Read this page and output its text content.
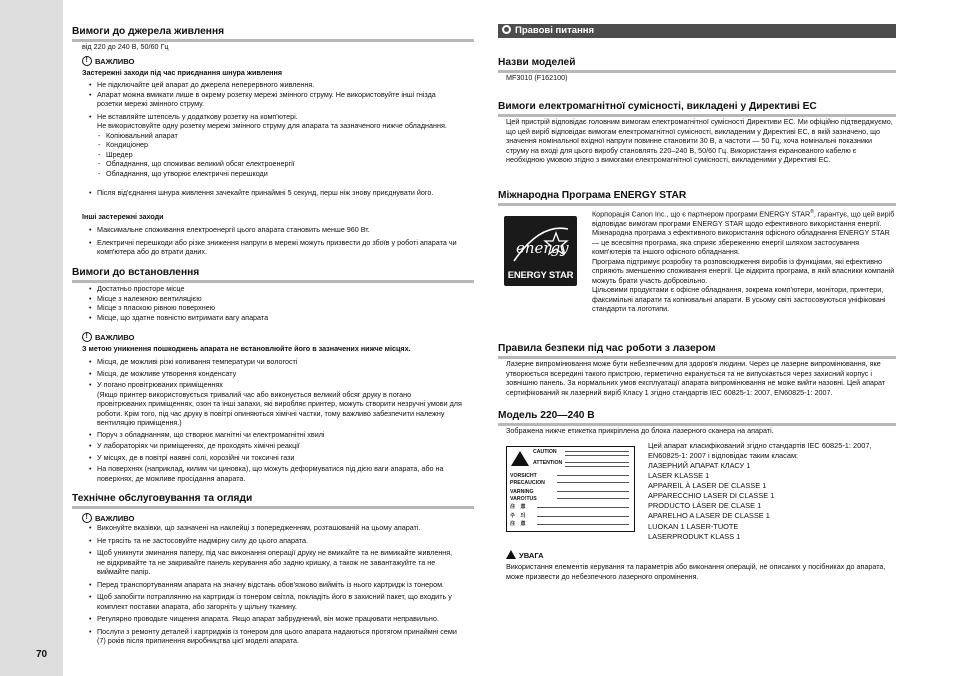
70
Вимоги до джерела живлення
від 220 до 240 В, 50/60 Гц
!ВАЖЛИВО
Застережні заходи під час приєднання шнура живлення
• Не підключайте цей апарат до джерела неперервного живлення.
• Апарат можна вмикати лише в окрему розетку мережі змінного струму. Не використовуйте інші гнізда розетки мережі змінного струму.
• Не вставляйте штепсель у додаткову розетку на комп'ютері.
Не використовуйте одну розетку мережі змінного струму для апарата та зазначеного нижче обладнання.

- Копіювальний апарат
- Кондиціонер
- Шредер
- Обладнання, що споживає великий обсяг електроенергії
- Обладнання, що утворює електричні перешкоди

• Після від'єднання шнура живлення зачекайте принаймні 5 секунд, перш ніж знову приєднувати його.
Інші застережні заходи
• Максимальне споживання електроенергії цього апарата становить менше 960 Вт.
• Електричні перешкоди або різке зниження напруги в мережі можуть призвести до збоїв у роботі апарата чи комп'ютера або до втрати даних.
Вимоги до встановлення
• Достатньо просторе місце
• Місце з належною вентиляцією
• Місце з пласкою рівною поверхнею
• Місце, що здатне повністю витримати вагу апарата
!ВАЖЛИВО
З метою уникнення пошкоджень апарата не встановлюйте його в зазначених нижче місцях.
• Місця, де можливі різкі коливання температури чи вологості
• Місця, де можливе утворення конденсату
• У погано провітрюваних приміщеннях
(Якщо принтер використовується тривалий час або виконується великий обсяг друку в погано провітрюваних приміщеннях, озон та інші запахи, які виробляє принтер, можуть створити незручні умови для роботи. Крім того, під час друку в повітрі опиняються хімічні частки, тому важливо забезпечити належну вентиляцію приміщення.)
• Поруч з обладнанням, що створює магнітні чи електромагнітні хвилі
• У лабораторіях чи приміщеннях, де проходять хімічні реакції
• У місцях, де в повітрі наявні солі, корозійні чи токсичні гази
• На поверхнях (наприклад, килим чи циновка), що можуть деформуватися під дією ваги апарата, або на поверхнях, де можливе просідання апарата.
Технічне обслуговування та огляди
!ВАЖЛИВО
• Виконуйте вказівки, що зазначені на наклейці з попередженням, розташованій на цьому апараті.
• Не трясіть та не застосовуйте надмірну силу до цього апарата.
• Щоб уникнути зминання паперу, під час виконання операції друку не вмикайте та не вимикайте живлення, не відкривайте та не закривайте панель керування або задню кришку, а також не завантажуйте та не виймайте папір.
• Перед транспортуванням апарата на значну відстань обов'язково вийміть із нього картридж із тонером.
• Щоб запобігти потраплянню на картридж із тонером світла, покладіть його в захисний пакет, що входить у комплект поставки апарата, або загорніть у щільну тканину.
• Регулярно проводьте чищення апарата. Якщо апарат забруднений, він може працювати неправильно.
• Послуги з ремонту деталей і картриджів із тонером для цього апарата надаються протягом принаймні семи (7) років після припинення виробництва цієї моделі апарата.
Правові питання
Назви моделей
MF3010 (F162100)
Вимоги електромагнітної сумісності, викладені у Директиві ЕС
Цей пристрій відповідає головним вимогам електромагнітної сумісності Директиви ЕС. Ми офіційно підтверджуємо, що цей виріб відповідає вимогам електромагнітної сумісності, викладеним у Директиві ЕС, в якій зазначено, що значення номінальної вхідної напруги повинне становити 30 В, а частоти — 50 Гц, хоча номінальні показники струму на вході для цього виробу становлять 220–240 В, 50/60 Гц. Використання екранованого кабелю є необхідною умовою згідно з вимогами електромагнітної сумісності, викладеними у Директиві ЕС.
Міжнародна Програма ENERGY STAR
energy
ENERGY STAR
Корпорація Canon Inc., що є партнером програми ENERGY STAR®, гарантує, що цей виріб відповідає вимогам програми ENERGY STAR щодо ефективного використання енергії.
Міжнародна програма з ефективного використання офісного обладнання ENERGY STAR — це всесвітня програма, яка сприяє збереженню енергії шляхом застосування комп'ютерів та іншого офісного обладнання.
Програма підтримує розробку та розповсюдження виробів із функціями, які ефективно сприяють зменшенню споживання енергії. Це відкрита програма, в якій власники компаній можуть брати участь добровільно.
Цільовими продуктами є офісне обладнання, зокрема комп'ютери, монітори, принтери, факсимільні апарати та копіювальні апарати. В усьому світі застосовуються уніфіковані стандарти та логотипи.
Правила безпеки під час роботи з лазером
Лазерне випромінювання може бути небезпечним для здоров'я людини. Через це лазерне випромінювання, яке утворюється всередині такого пристрою, герметично екранується та не випускається через захисний корпус і зовнішню панель. За нормальних умов експлуатації апарата випромінювання не може вийти назовні. Цей апарат сертифікований як лазерний виріб Класу 1 згідно стандартів IEC 60825-1: 2007, EN60825-1: 2007.
Модель 220—240 В
Зображена нижче етикетка прикріплена до блока лазерного сканера на апараті.
CAUTION
ATTENTION
VORSICHT
PRECAUCION
VARNING
VARO!TUS
注　意
주　의
注　意
Цей апарат класифікований згідно стандартів IEC 60825-1: 2007, EN60825-1: 2007 і відповідає таким класам:
ЛАЗЕРНИЙ АПАРАТ КЛАСУ 1
LASER KLASSE 1
APPAREIL À LASER DE CLASSE 1
APPARECCHIO LASER DI CLASSE 1
PRODUCTO LÁSER DE CLASE 1
APARELHO A LASER DE CLASSE 1
LUOKAN 1 LASER-TUOTE
LASERPRODUKT KLASS 1
УВАГА
Використання елементів керування та параметрів або виконання операцій, не описаних у посібниках до апарата, може призвести до небезпечного лазерного опромінення.
